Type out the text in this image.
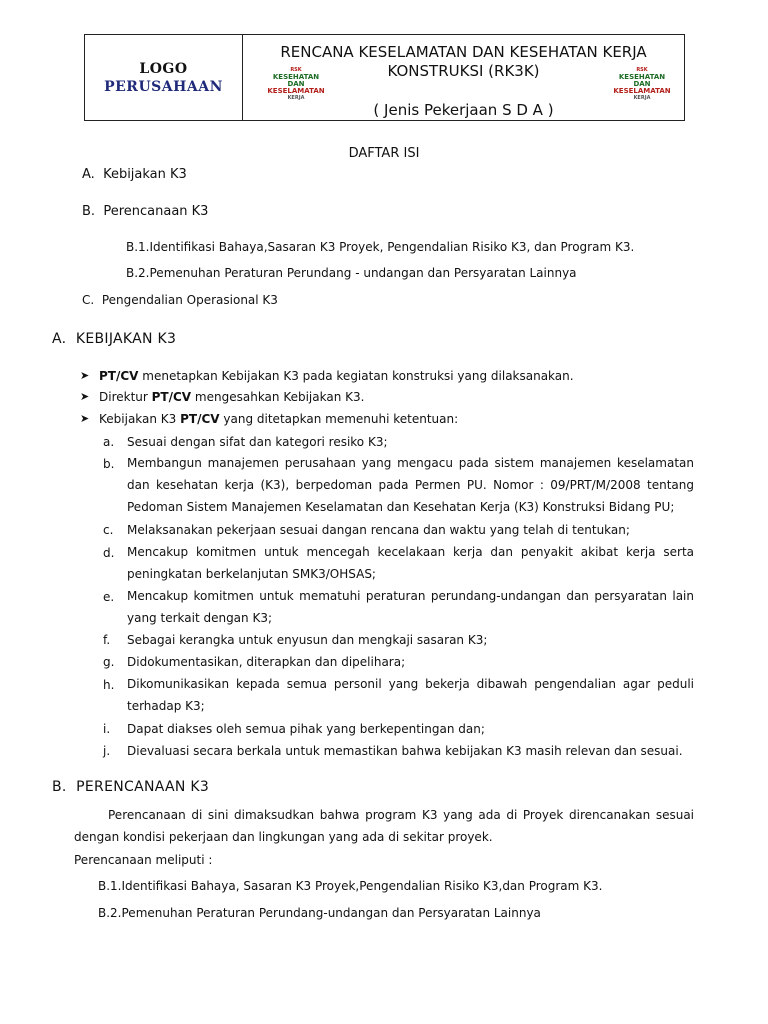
LOGO
PERUSAHAAN
RENCANA KESELAMATAN DAN KESEHATAN KERJA
KONSTRUKSI (RK3K)
( Jenis Pekerjaan S D A )
RSK
KESEHATAN
DAN
KESELAMATAN
KERJA
RSK
KESEHATAN
DAN
KESELAMATAN
KERJA
DAFTAR ISI
A. Kebijakan K3
B. Perencanaan K3
B.1.Identifikasi Bahaya,Sasaran K3 Proyek, Pengendalian Risiko K3, dan Program K3.
B.2.Pemenuhan Peraturan Perundang - undangan dan Persyaratan Lainnya
C. Pengendalian Operasional K3
A. KEBIJAKAN K3
➤ PT/CV menetapkan Kebijakan K3 pada kegiatan konstruksi yang dilaksanakan.
➤ Direktur PT/CV mengesahkan Kebijakan K3.
➤ Kebijakan K3 PT/CV yang ditetapkan memenuhi ketentuan:
a. Sesuai dengan sifat dan kategori resiko K3;
b. Membangun manajemen perusahaan yang mengacu pada sistem manajemen keselamatan dan kesehatan kerja (K3), berpedoman pada Permen PU. Nomor : 09/PRT/M/2008 tentang Pedoman Sistem Manajemen Keselamatan dan Kesehatan Kerja (K3) Konstruksi Bidang PU;
c. Melaksanakan pekerjaan sesuai dangan rencana dan waktu yang telah di tentukan;
d. Mencakup komitmen untuk mencegah kecelakaan kerja dan penyakit akibat kerja serta peningkatan berkelanjutan SMK3/OHSAS;
e. Mencakup komitmen untuk mematuhi peraturan perundang-undangan dan persyaratan lain yang terkait dengan K3;
f. Sebagai kerangka untuk enyusun dan mengkaji sasaran K3;
g. Didokumentasikan, diterapkan dan dipelihara;
h. Dikomunikasikan kepada semua personil yang bekerja dibawah pengendalian agar peduli terhadap K3;
i. Dapat diakses oleh semua pihak yang berkepentingan dan;
j. Dievaluasi secara berkala untuk memastikan bahwa kebijakan K3 masih relevan dan sesuai.
B. PERENCANAAN K3
Perencanaan di sini dimaksudkan bahwa program K3 yang ada di Proyek direncanakan sesuai dengan kondisi pekerjaan dan lingkungan yang ada di sekitar proyek.
Perencanaan meliputi :
B.1.Identifikasi Bahaya, Sasaran K3 Proyek,Pengendalian Risiko K3,dan Program K3.
B.2.Pemenuhan Peraturan Perundang-undangan dan Persyaratan Lainnya
